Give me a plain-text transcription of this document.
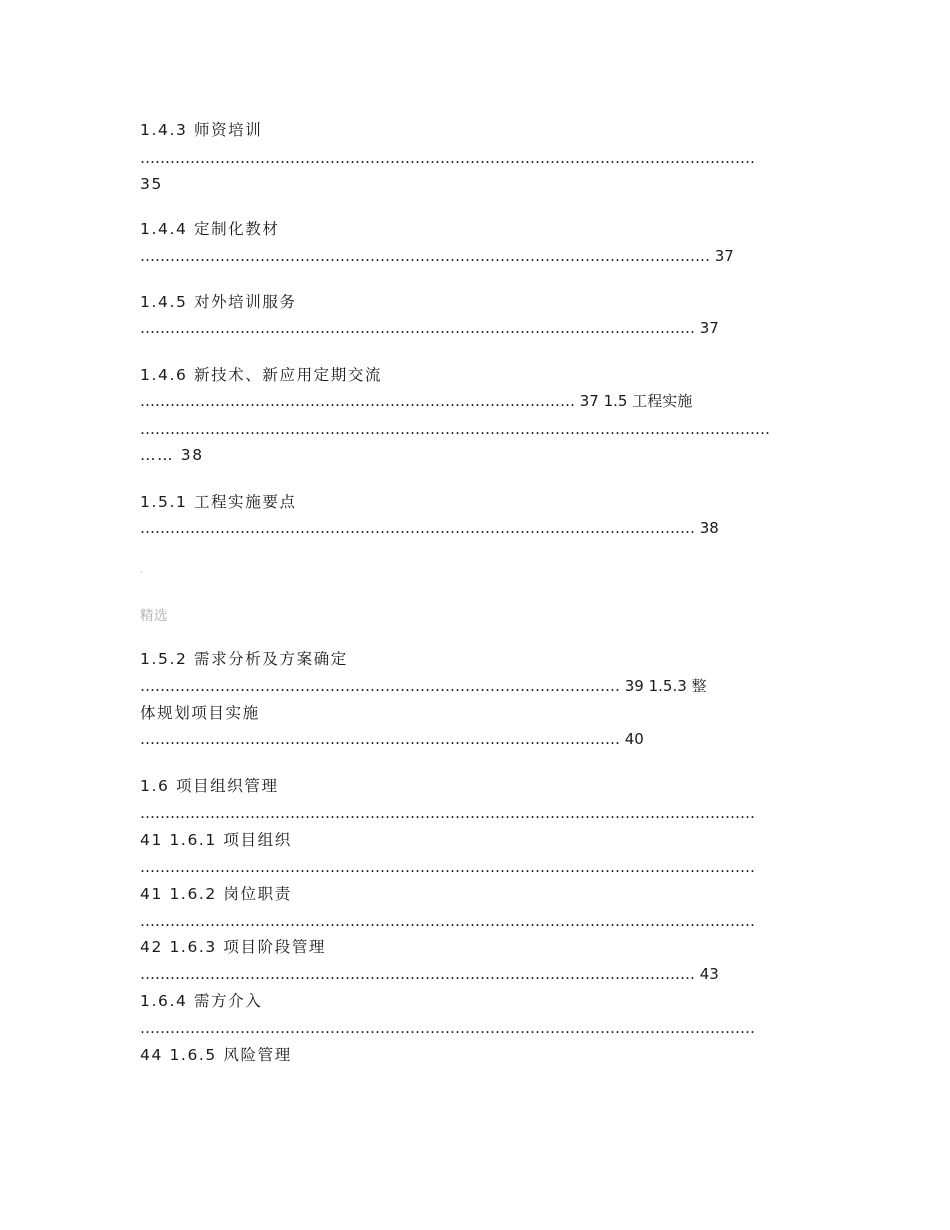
1.4.3 师资培训
……………………………………………………………………………………………………………
35
1.4.4 定制化教材
…………………………………………………………………………………………………… 37
1.4.5 对外培训服务
………………………………………………………………………………………………… 37
1.4.6 新技术、新应用定期交流
…………………………………………………………………………… 37 1.5 工程实施
………………………………………………………………………………………………………………
…… 38
1.5.1 工程实施要点
………………………………………………………………………………………………… 38
·
精选
1.5.2 需求分析及方案确定
…………………………………………………………………………………… 39 1.5.3 整
体规划项目实施
…………………………………………………………………………………… 40
1.6 项目组织管理
……………………………………………………………………………………………………………
41 1.6.1 项目组织
……………………………………………………………………………………………………………
41 1.6.2 岗位职责
……………………………………………………………………………………………………………
42 1.6.3 项目阶段管理
………………………………………………………………………………………………… 43
1.6.4 需方介入
……………………………………………………………………………………………………………
44 1.6.5 风险管理
